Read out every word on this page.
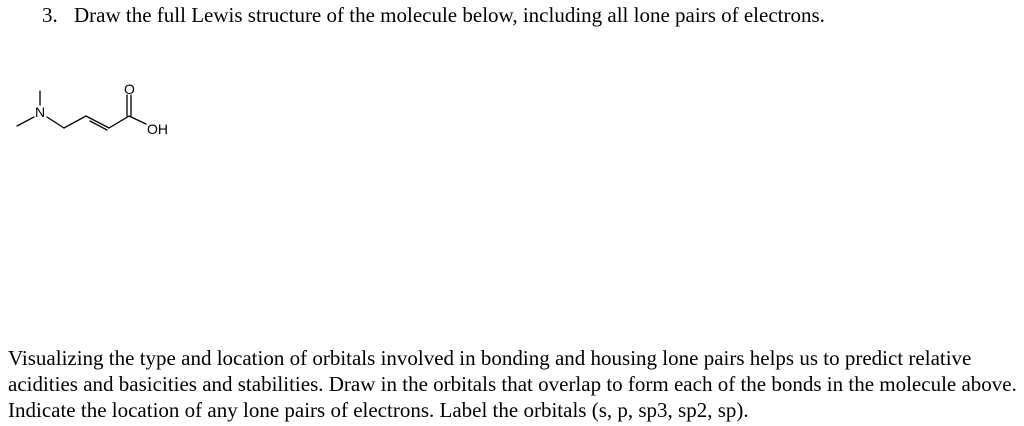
3. Draw the full Lewis structure of the molecule below, including all lone pairs of electrons.
N
O
OH
Visualizing the type and location of orbitals involved in bonding and housing lone pairs helps us to predict relative acidities and basicities and stabilities. Draw in the orbitals that overlap to form each of the bonds in the molecule above. Indicate the location of any lone pairs of electrons. Label the orbitals (s, p, sp3, sp2, sp).
